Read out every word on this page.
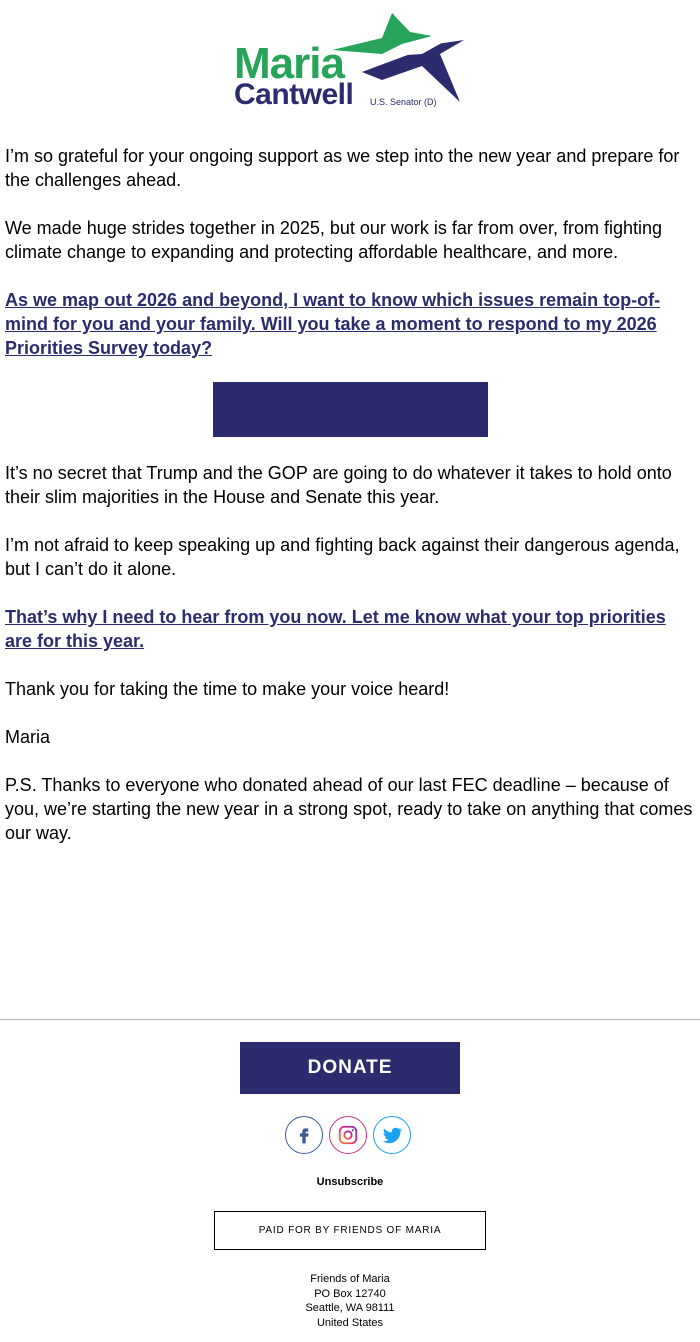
Maria
Cantwell U.S. Senator (D)

I’m so grateful for your ongoing support as we step into the new year and prepare for the challenges ahead.

We made huge strides together in 2025, but our work is far from over, from fighting climate change to expanding and protecting affordable healthcare, and more.

As we map out 2026 and beyond, I want to know which issues remain top-of-mind for you and your family. Will you take a moment to respond to my 2026 Priorities Survey today?

TAKE THE SURVEY

It’s no secret that Trump and the GOP are going to do whatever it takes to hold onto their slim majorities in the House and Senate this year.

I’m not afraid to keep speaking up and fighting back against their dangerous agenda, but I can’t do it alone.

That’s why I need to hear from you now. Let me know what your top priorities are for this year.

Thank you for taking the time to make your voice heard!

Maria

P.S. Thanks to everyone who donated ahead of our last FEC deadline – because of you, we’re starting the new year in a strong spot, ready to take on anything that comes our way.

DONATE
Unsubscribe
PAID FOR BY FRIENDS OF MARIA
Friends of Maria
PO Box 12740
Seattle, WA 98111
United States
